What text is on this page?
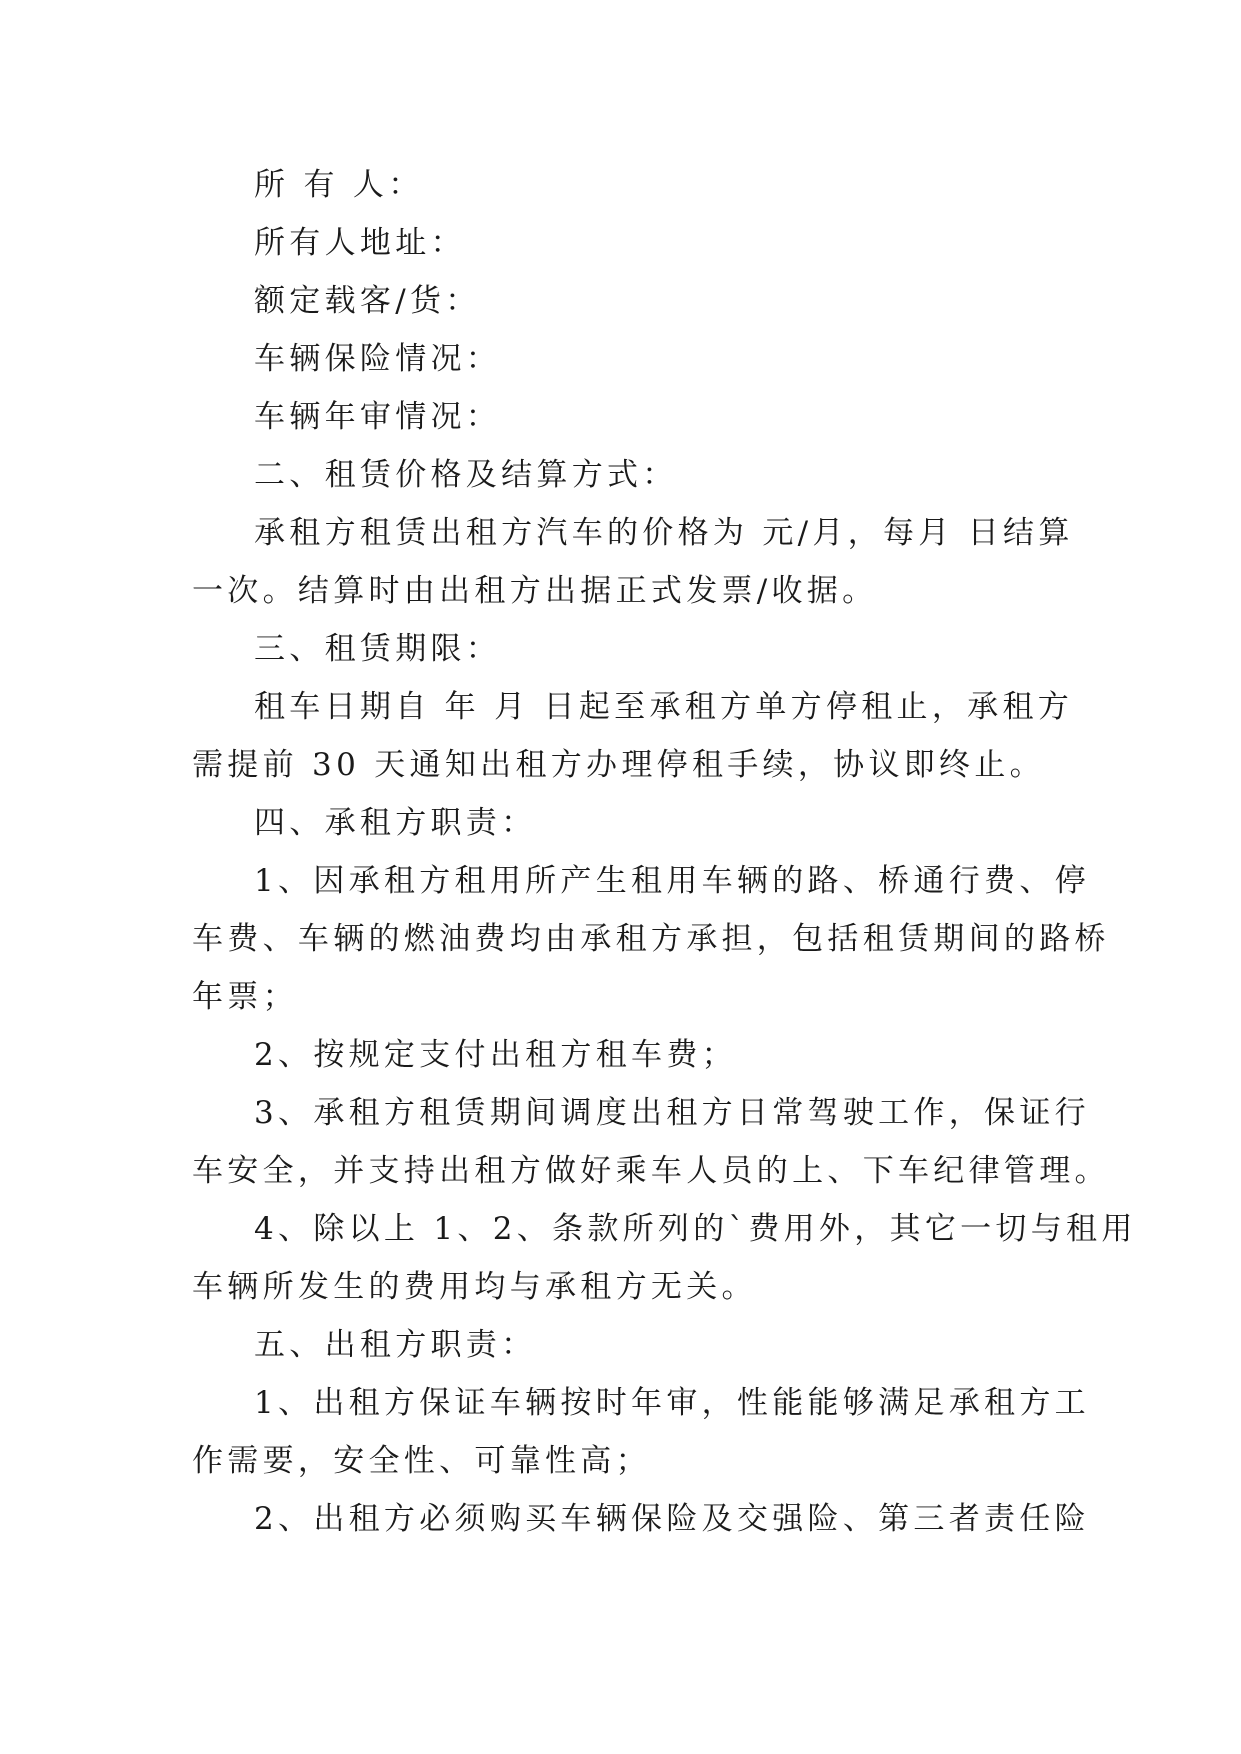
所 有 人：
所有人地址：
额定载客/货：
车辆保险情况：
车辆年审情况：
二、租赁价格及结算方式：
承租方租赁出租方汽车的价格为 元/月，每月 日结算
一次。结算时由出租方出据正式发票/收据。
三、租赁期限：
租车日期自 年 月 日起至承租方单方停租止，承租方
需提前 30 天通知出租方办理停租手续，协议即终止。
四、承租方职责：
1、因承租方租用所产生租用车辆的路、桥通行费、停
车费、车辆的燃油费均由承租方承担，包括租赁期间的路桥
年票；
2、按规定支付出租方租车费；
3、承租方租赁期间调度出租方日常驾驶工作，保证行
车安全，并支持出租方做好乘车人员的上、下车纪律管理。
4、除以上 1、2、条款所列的`费用外，其它一切与租用
车辆所发生的费用均与承租方无关。
五、出租方职责：
1、出租方保证车辆按时年审，性能能够满足承租方工
作需要，安全性、可靠性高；
2、出租方必须购买车辆保险及交强险、第三者责任险
